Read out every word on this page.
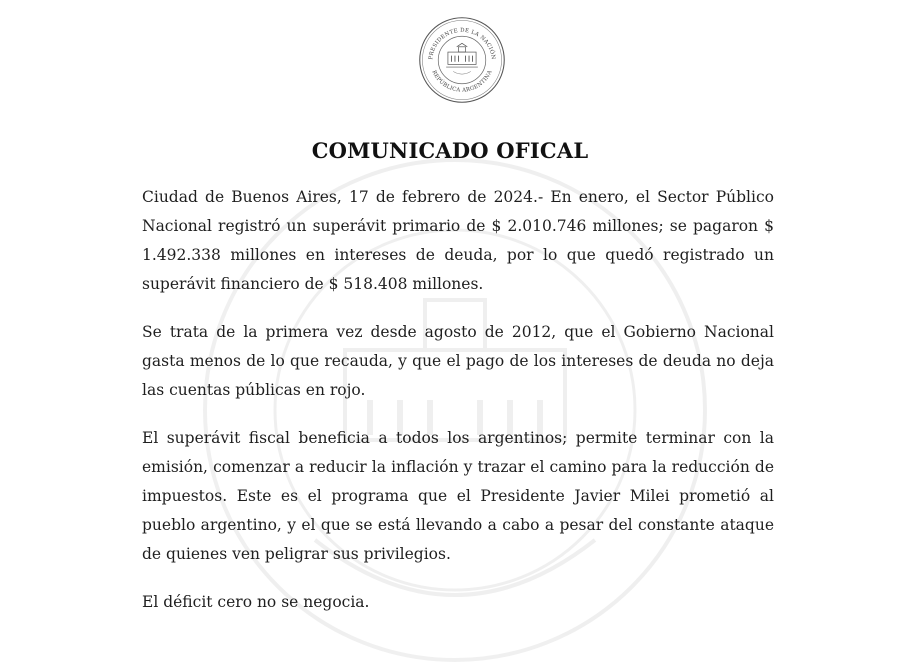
PRESIDENTE DE LA NACIÓN
REPÚBLICA ARGENTINA
COMUNICADO OFICAL

Ciudad de Buenos Aires, 17 de febrero de 2024.- En enero, el Sector Público Nacional registró un superávit primario de $ 2.010.746 millones; se pagaron $ 1.492.338 millones en intereses de deuda, por lo que quedó registrado un superávit financiero de $ 518.408 millones.

Se trata de la primera vez desde agosto de 2012, que el Gobierno Nacional gasta menos de lo que recauda, y que el pago de los intereses de deuda no deja las cuentas públicas en rojo.

El superávit fiscal beneficia a todos los argentinos; permite terminar con la emisión, comenzar a reducir la inflación y trazar el camino para la reducción de impuestos. Este es el programa que el Presidente Javier Milei prometió al pueblo argentino, y el que se está llevando a cabo a pesar del constante ataque de quienes ven peligrar sus privilegios.

El déficit cero no se negocia.
